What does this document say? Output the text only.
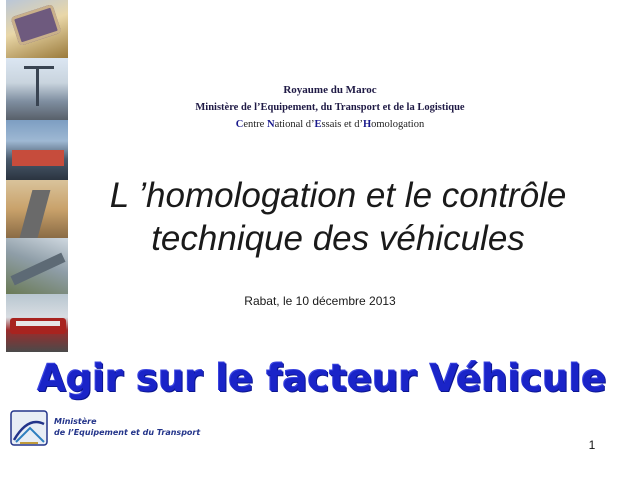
Royaume du Maroc
Ministère de l’Equipement, du Transport et de la Logistique
Centre National d’Essais et d’Homologation
L ’homologation et le contrôle
technique des véhicules
Rabat, le 10 décembre 2013
Agir sur le facteur Véhicule
Ministère
de l’Equipement et du Transport
1
